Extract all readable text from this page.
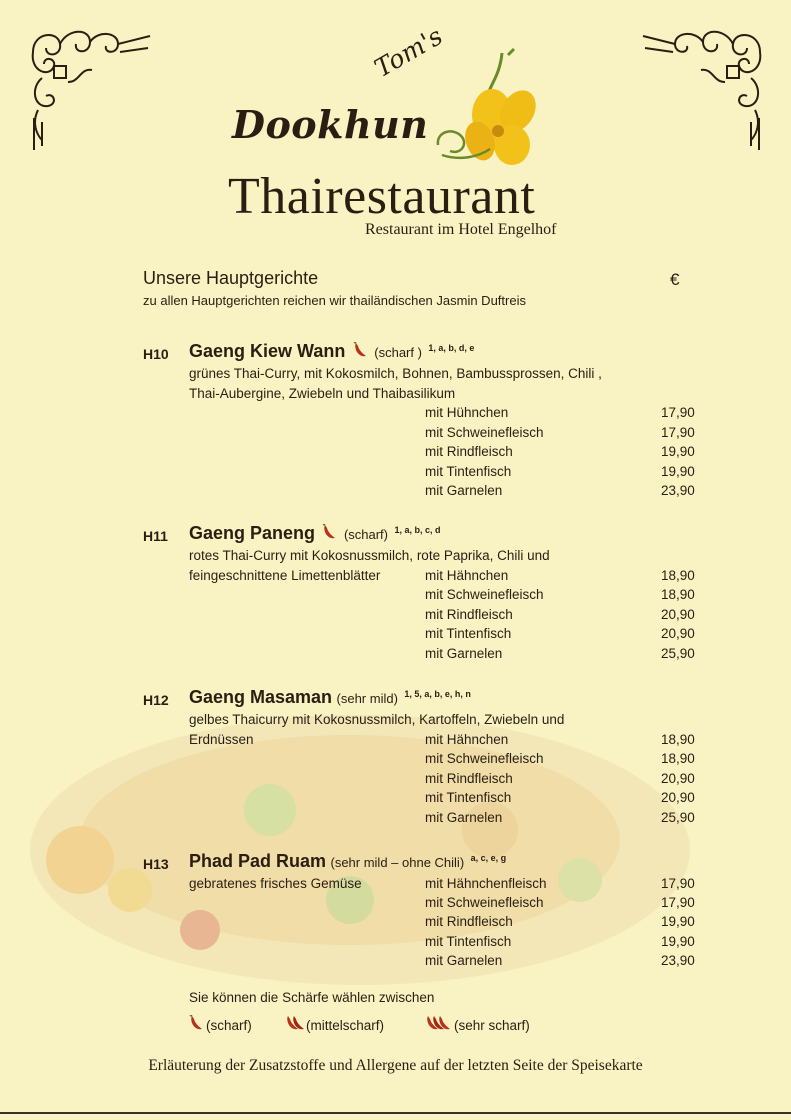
Tom's
Dookhun
Thairestaurant
Restaurant im Hotel Engelhof
Unsere Hauptgerichte
zu allen Hauptgerichten reichen wir thailändischen Jasmin Duftreis
€
H10 Gaeng Kiew Wann (scharf ) $^{1, a, b, d, e}$
grünes Thai-Curry, mit Kokosmilch, Bohnen, Bambussprossen, Chili ,
Thai-Aubergine, Zwiebeln und Thaibasilikum
mit Hühnchen	17,90
mit Schweinefleisch	17,90
mit Rindfleisch	19,90
mit Tintenfisch	19,90
mit Garnelen	23,90
H11 Gaeng Paneng (scharf) $^{1, a, b, c, d}$
rotes Thai-Curry mit Kokosnussmilch, rote Paprika, Chili und
feingeschnittene Limettenblätter	mit Hähnchen	18,90
mit Schweinefleisch	18,90
mit Rindfleisch	20,90
mit Tintenfisch	20,90
mit Garnelen	25,90
H12 Gaeng Masaman (sehr mild) $^{1, 5, a, b, e, h, n}$
gelbes Thaicurry mit Kokosnussmilch, Kartoffeln, Zwiebeln und
Erdnüssen	mit Hähnchen	18,90
mit Schweinefleisch	18,90
mit Rindfleisch	20,90
mit Tintenfisch	20,90
mit Garnelen	25,90
H13 Phad Pad Ruam (sehr mild – ohne Chili) $^{a, c, e, g}$
gebratenes frisches Gemüse	mit Hähnchenfleisch	17,90
mit Schweinefleisch	17,90
mit Rindfleisch	19,90
mit Tintenfisch	19,90
mit Garnelen	23,90
Sie können die Schärfe wählen zwischen
(scharf)	(mittelscharf)	(sehr scharf)
Erläuterung der Zusatzstoffe und Allergene auf der letzten Seite der Speisekarte
